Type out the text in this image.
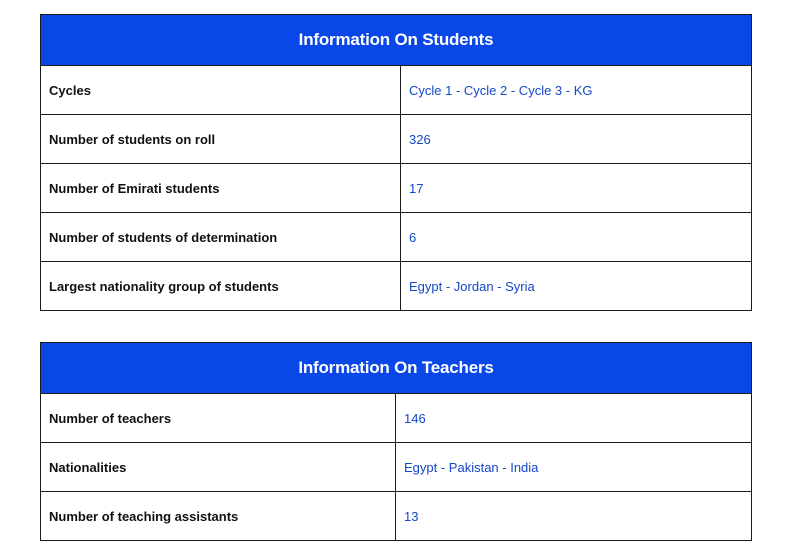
Information On Students	
Cycles	Cycle 1 - Cycle 2 - Cycle 3 - KG
Number of students on roll	326
Number of Emirati students	17
Number of students of determination	6
Largest nationality group of students	Egypt - Jordan - Syria
Information On Teachers	
Number of teachers	146
Nationalities	Egypt - Pakistan - India
Number of teaching assistants	13
